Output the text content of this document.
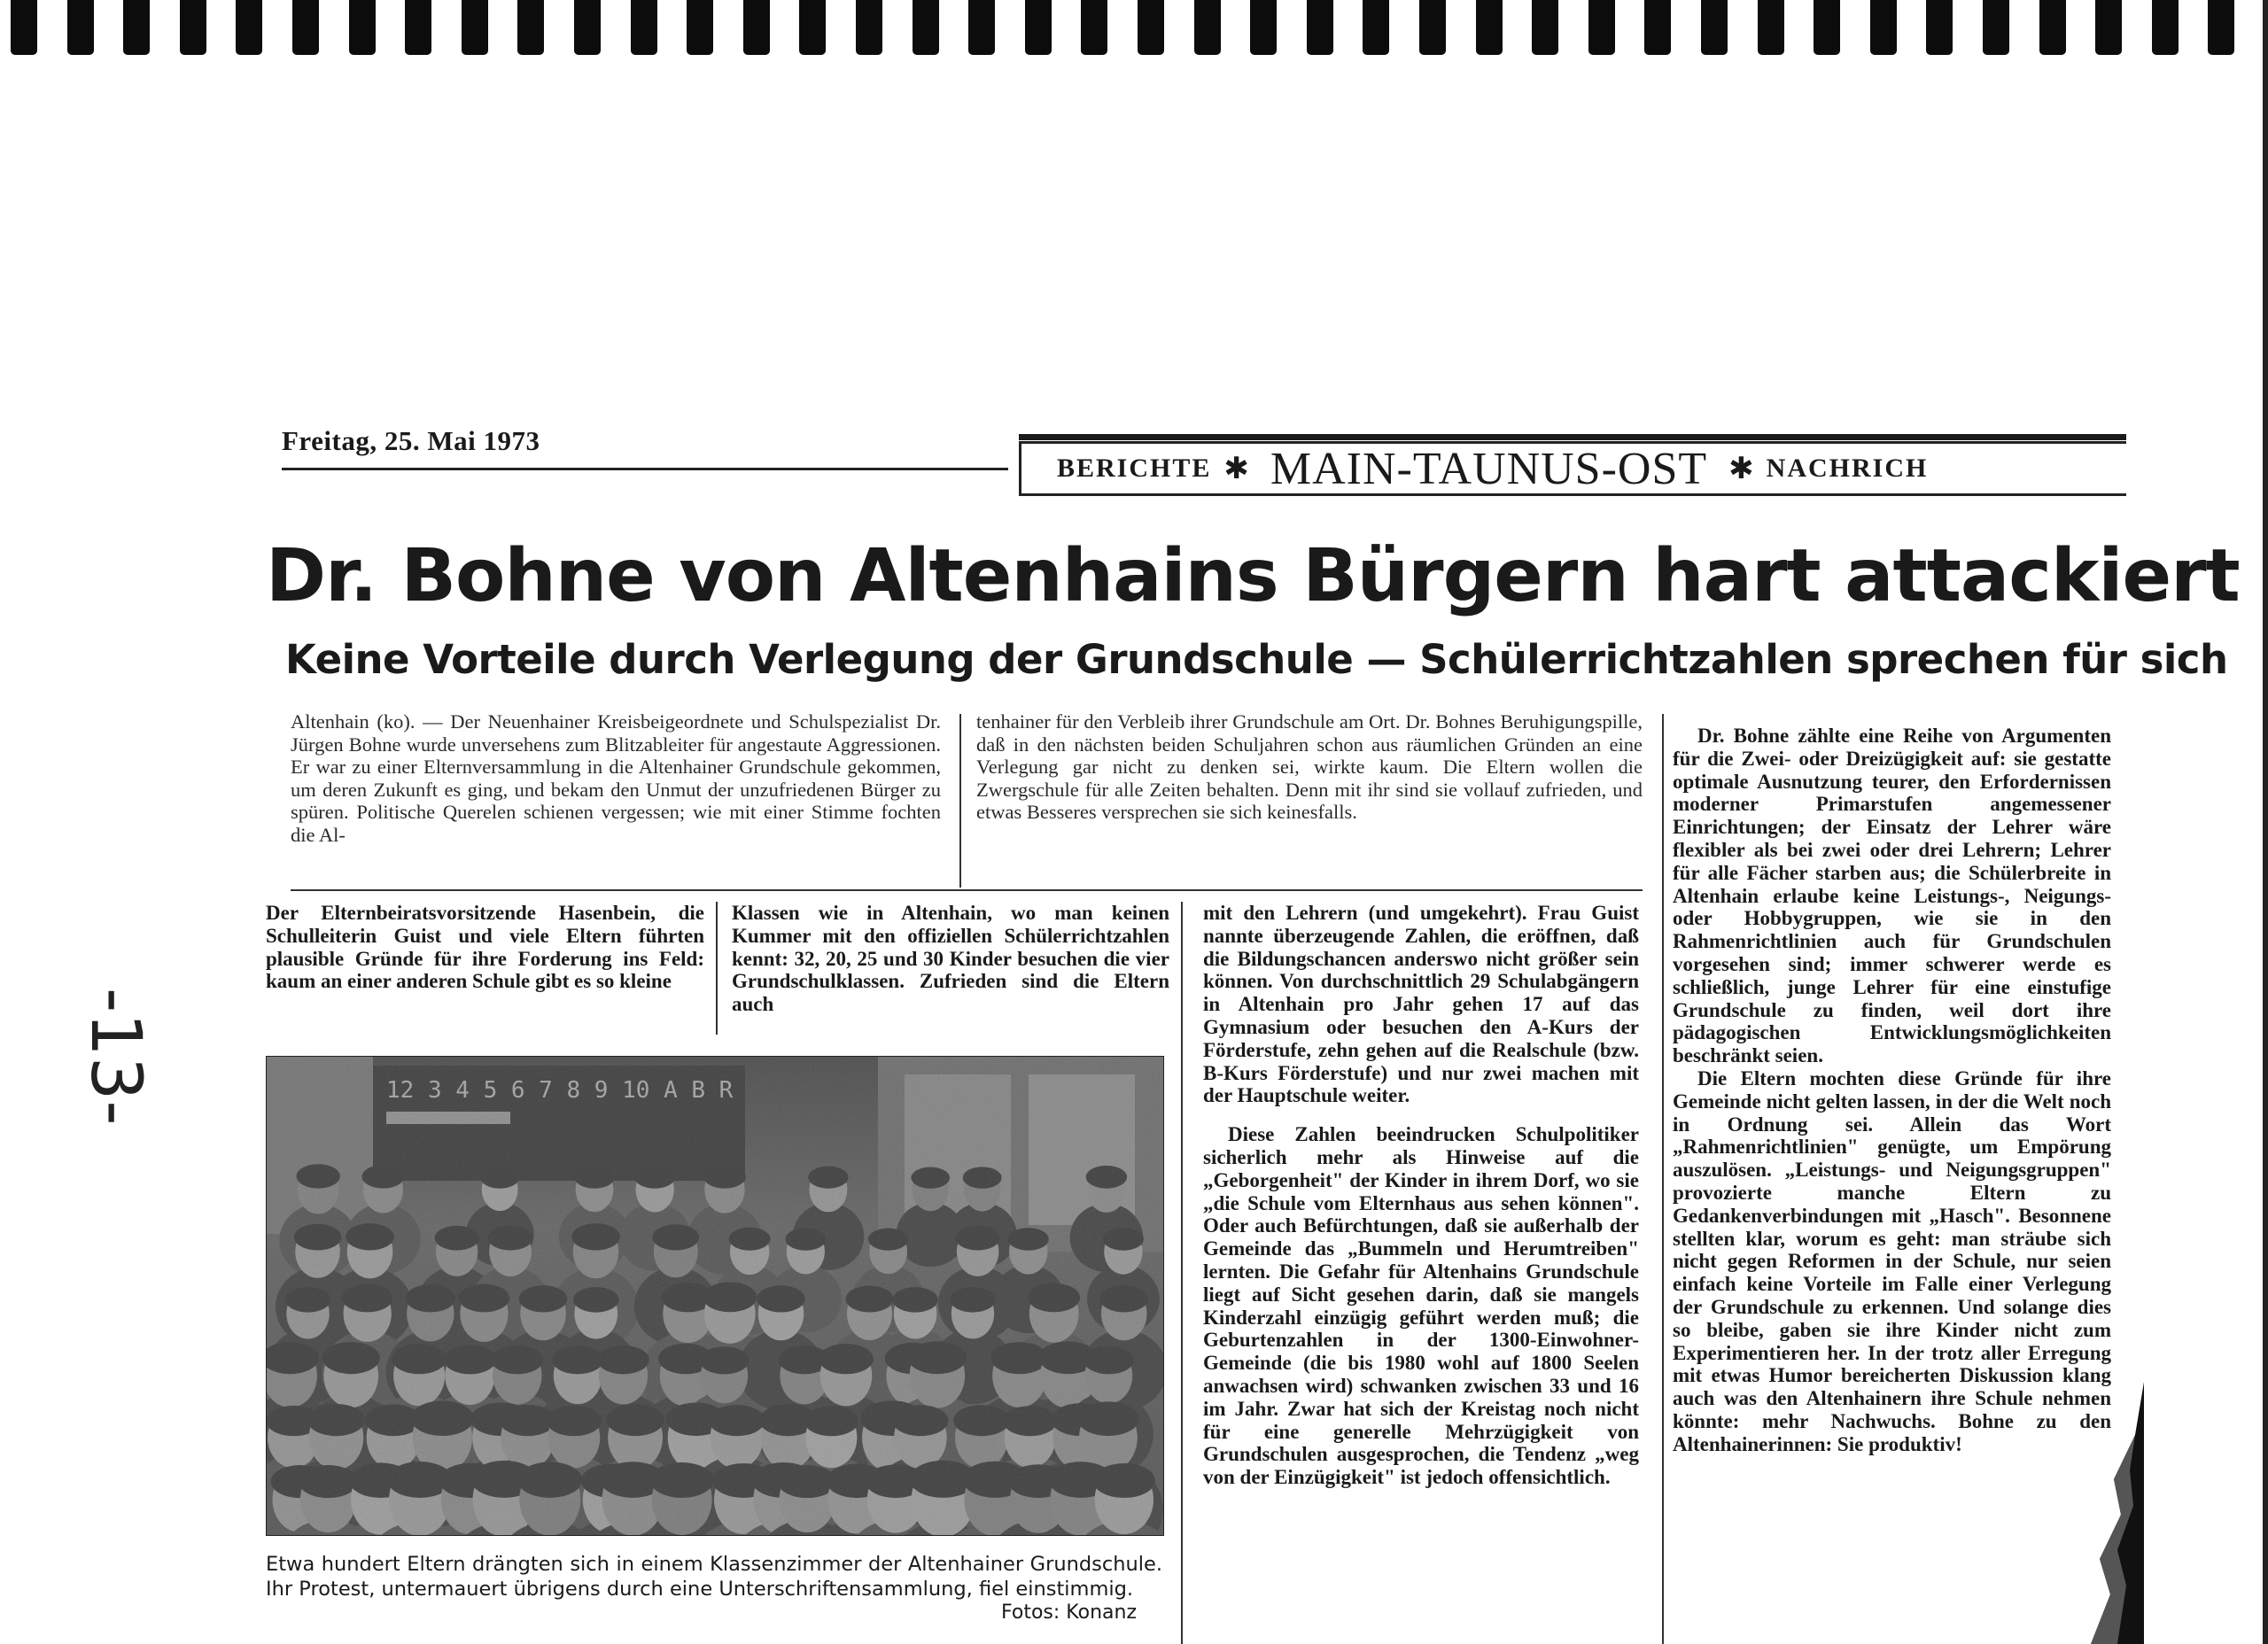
-13-
Freitag, 25. Mai 1973
BERICHTE ✱ MAIN-TAUNUS-OST ✱ NACHRICH
Dr. Bohne von Altenhains Bürgern hart attackiert
Keine Vorteile durch Verlegung der Grundschule — Schülerrichtzahlen sprechen für sich

Altenhain (ko). — Der Neuenhainer Kreisbeigeordnete und Schulspezialist Dr. Jürgen Bohne wurde unversehens zum Blitzableiter für angestaute Aggressionen. Er war zu einer Elternversammlung in die Altenhainer Grundschule gekommen, um deren Zukunft es ging, und bekam den Unmut der unzufriedenen Bürger zu spüren. Politische Querelen schienen vergessen; wie mit einer Stimme fochten die Al-

tenhainer für den Verbleib ihrer Grundschule am Ort. Dr. Bohnes Beruhigungspille, daß in den nächsten beiden Schuljahren schon aus räumlichen Gründen an eine Verlegung gar nicht zu denken sei, wirkte kaum. Die Eltern wollen die Zwergschule für alle Zeiten behalten. Denn mit ihr sind sie vollauf zufrieden, und etwas Besseres versprechen sie sich keinesfalls.

Der Elternbeiratsvorsitzende Hasenbein, die Schulleiterin Guist und viele Eltern führten plausible Gründe für ihre Forderung ins Feld: kaum an einer anderen Schule gibt es so kleine

Klassen wie in Altenhain, wo man keinen Kummer mit den offiziellen Schülerrichtzahlen kennt: 32, 20, 25 und 30 Kinder besuchen die vier Grundschulklassen. Zufrieden sind die Eltern auch

mit den Lehrern (und umgekehrt). Frau Guist nannte überzeugende Zahlen, die eröffnen, daß die Bildungschancen anderswo nicht größer sein können. Von durchschnittlich 29 Schulabgängern in Altenhain pro Jahr gehen 17 auf das Gymnasium oder besuchen den A-Kurs der Förderstufe, zehn gehen auf die Realschule (bzw. B-Kurs Förderstufe) und nur zwei machen mit der Hauptschule weiter.

Diese Zahlen beeindrucken Schulpolitiker sicherlich mehr als Hinweise auf die „Geborgenheit" der Kinder in ihrem Dorf, wo sie „die Schule vom Elternhaus aus sehen können". Oder auch Befürchtungen, daß sie außerhalb der Gemeinde das „Bummeln und Herumtreiben" lernten. Die Gefahr für Altenhains Grundschule liegt auf Sicht gesehen darin, daß sie mangels Kinderzahl einzügig geführt werden muß; die Geburtenzahlen in der 1300-Einwohner-Gemeinde (die bis 1980 wohl auf 1800 Seelen anwachsen wird) schwanken zwischen 33 und 16 im Jahr. Zwar hat sich der Kreistag noch nicht für eine generelle Mehrzügigkeit von Grundschulen ausgesprochen, die Tendenz „weg von der Einzügigkeit" ist jedoch offensichtlich.

Dr. Bohne zählte eine Reihe von Argumenten für die Zwei- oder Dreizügigkeit auf: sie gestatte optimale Ausnutzung teurer, den Erfordernissen moderner Primarstufen angemessener Einrichtungen; der Einsatz der Lehrer wäre flexibler als bei zwei oder drei Lehrern; Lehrer für alle Fächer starben aus; die Schülerbreite in Altenhain erlaube keine Leistungs-, Neigungs- oder Hobbygruppen, wie sie in den Rahmenrichtlinien auch für Grundschulen vorgesehen sind; immer schwerer werde es schließlich, junge Lehrer für eine einstufige Grundschule zu finden, weil dort ihre pädagogischen Entwicklungsmöglichkeiten beschränkt seien.

Die Eltern mochten diese Gründe für ihre Gemeinde nicht gelten lassen, in der die Welt noch in Ordnung sei. Allein das Wort „Rahmenrichtlinien" genügte, um Empörung auszulösen. „Leistungs- und Neigungsgruppen" provozierte manche Eltern zu Gedankenverbindungen mit „Hasch". Besonnene stellten klar, worum es geht: man sträube sich nicht gegen Reformen in der Schule, nur seien einfach keine Vorteile im Falle einer Verlegung der Grundschule zu erkennen. Und solange dies so bleibe, gaben sie ihre Kinder nicht zum Experimentieren her. In der trotz aller Erregung mit etwas Humor bereicherten Diskussion klang auch was den Altenhainern ihre Schule nehmen könnte: mehr Nachwuchs. Bohne zu den Altenhainerinnen: Sie produktiv!

Etwa hundert Eltern drängten sich in einem Klassenzimmer der Altenhainer Grundschule. Ihr Protest, untermauert übrigens durch eine Unterschriftensammlung, fiel einstimmig.
Fotos: Konanz
